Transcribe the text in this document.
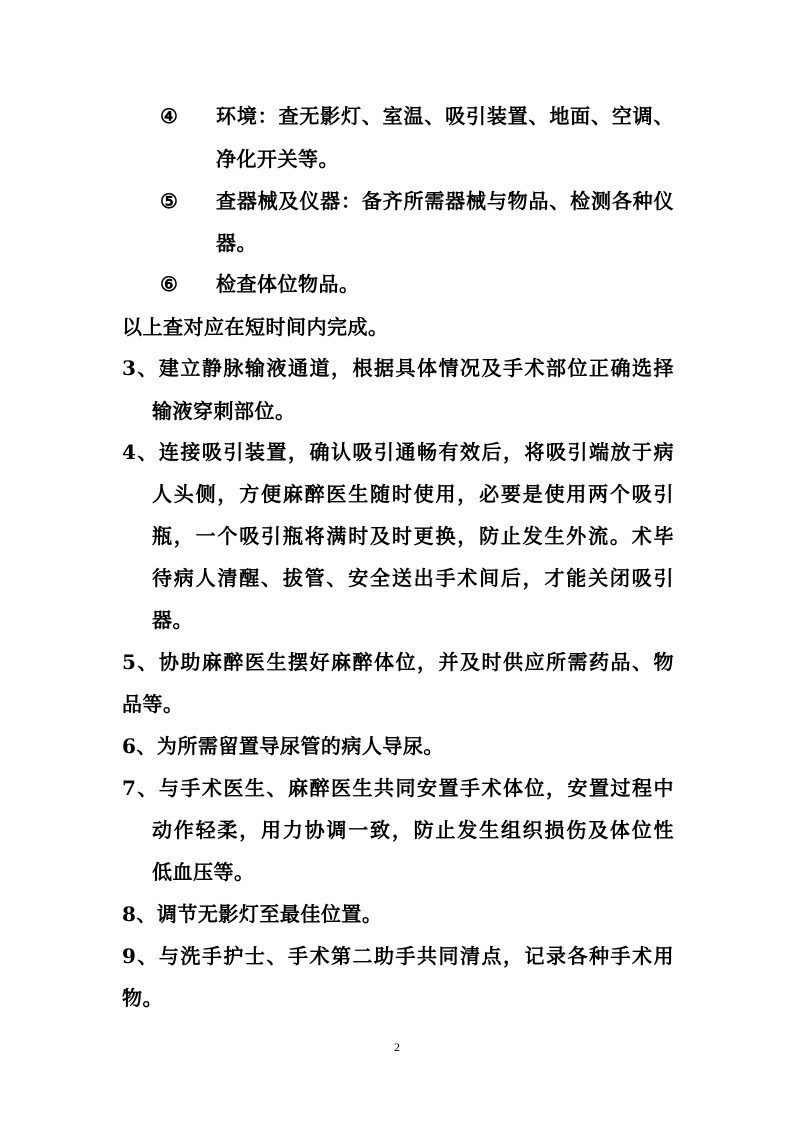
④ 环境：查无影灯、室温、吸引装置、地面、空调、
净化开关等。
⑤ 查器械及仪器：备齐所需器械与物品、检测各种仪
器。
⑥ 检查体位物品。
以上查对应在短时间内完成。
3、建立静脉输液通道，根据具体情况及手术部位正确选择
输液穿刺部位。
4、连接吸引装置，确认吸引通畅有效后，将吸引端放于病
人头侧，方便麻醉医生随时使用，必要是使用两个吸引
瓶，一个吸引瓶将满时及时更换，防止发生外流。术毕
待病人清醒、拔管、安全送出手术间后，才能关闭吸引
器。
5、协助麻醉医生摆好麻醉体位，并及时供应所需药品、物
品等。
6、为所需留置导尿管的病人导尿。
7、与手术医生、麻醉医生共同安置手术体位，安置过程中
动作轻柔，用力协调一致，防止发生组织损伤及体位性
低血压等。
8、调节无影灯至最佳位置。
9、与洗手护士、手术第二助手共同清点，记录各种手术用
物。
2
